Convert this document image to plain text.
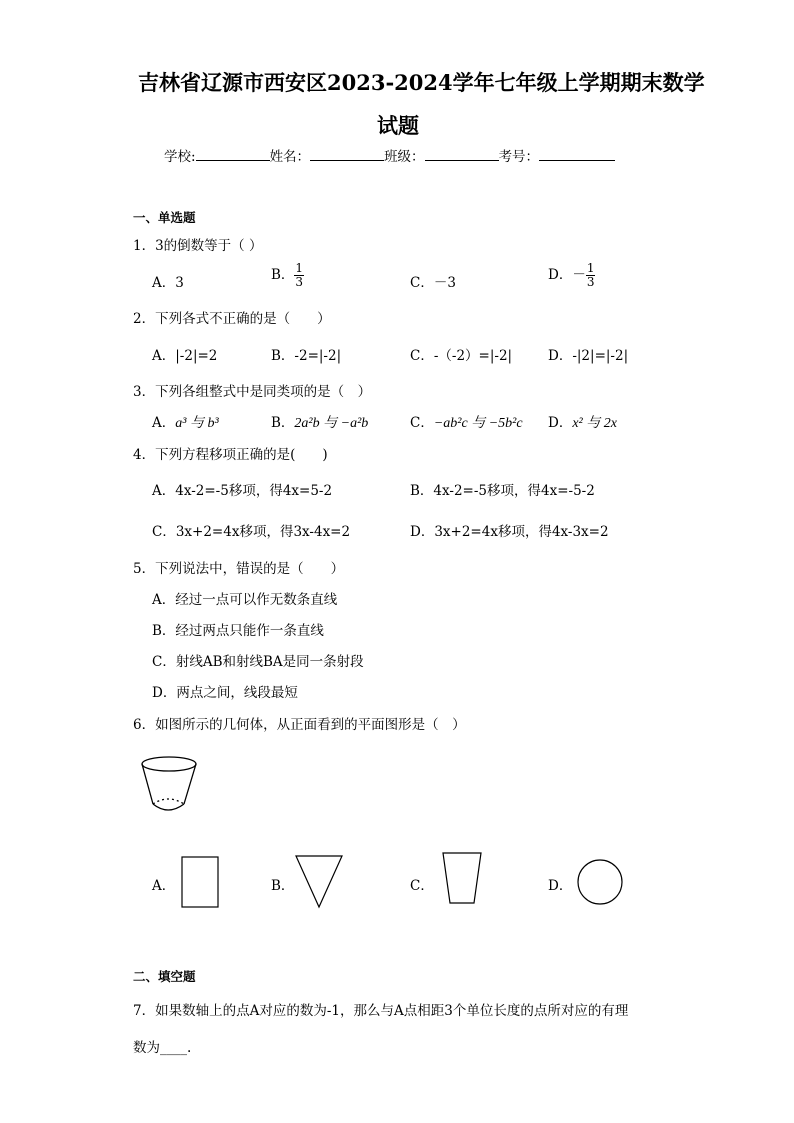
吉林省辽源市西安区2023-2024学年七年级上学期期末数学
试题
学校:	姓名：	班级：	考号：
一、单选题
1．3的倒数等于（ ）
A．3	B． $\frac{1}{3}$	C．－3	D．－ $\frac{1}{3}$
2．下列各式不正确的是（　　）
A．|-2|=2	B．-2=|-2|	C．-（-2）=|-2|	D．-|2|=|-2|
3．下列各组整式中是同类项的是（　）
A．a³ 与 b³	B．2a²b 与 −a²b	C．−ab²c 与 −5b²c D．x² 与 2x
4．下列方程移项正确的是(　　)
A．4x-2=-5移项，得4x=5-2	B．4x-2=-5移项，得4x=-5-2
C．3x+2=4x移项，得3x-4x=2	D．3x+2=4x移项，得4x-3x=2
5．下列说法中，错误的是（　　）
A．经过一点可以作无数条直线
B．经过两点只能作一条直线
C．射线AB和射线BA是同一条射段
D．两点之间，线段最短
6．如图所示的几何体，从正面看到的平面图形是（　）
A．	B．	C．	D．
二、填空题
7．如果数轴上的点A对应的数为-1，那么与A点相距3个单位长度的点所对应的有理
数为____.
